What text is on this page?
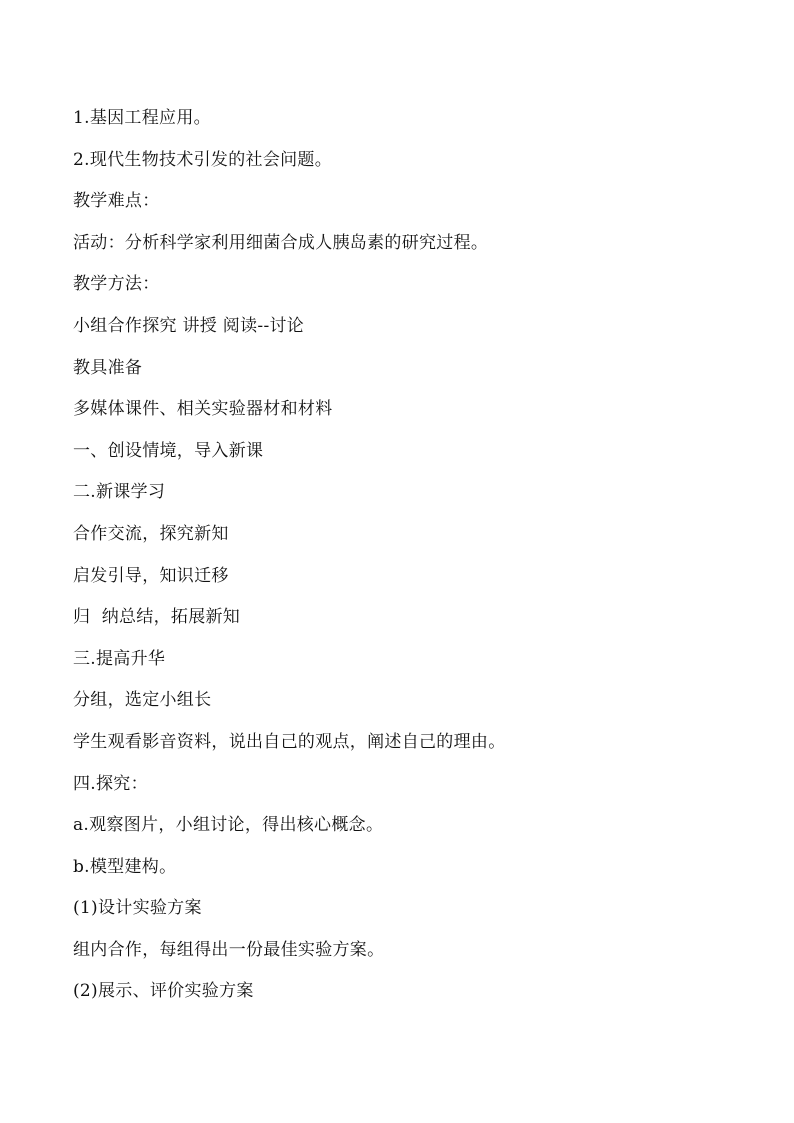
1.基因工程应用。
2.现代生物技术引发的社会问题。
教学难点：
活动：分析科学家利用细菌合成人胰岛素的研究过程。
教学方法：
小组合作探究 讲授 阅读--讨论
教具准备
多媒体课件、相关实验器材和材料
一、创设情境，导入新课
二.新课学习
合作交流，探究新知
启发引导，知识迁移
归  纳总结，拓展新知
三.提高升华
分组，选定小组长
学生观看影音资料，说出自己的观点，阐述自己的理由。
四.探究：
a.观察图片，小组讨论，得出核心概念。
b.模型建构。
(1)设计实验方案
组内合作，每组得出一份最佳实验方案。
(2)展示、评价实验方案
